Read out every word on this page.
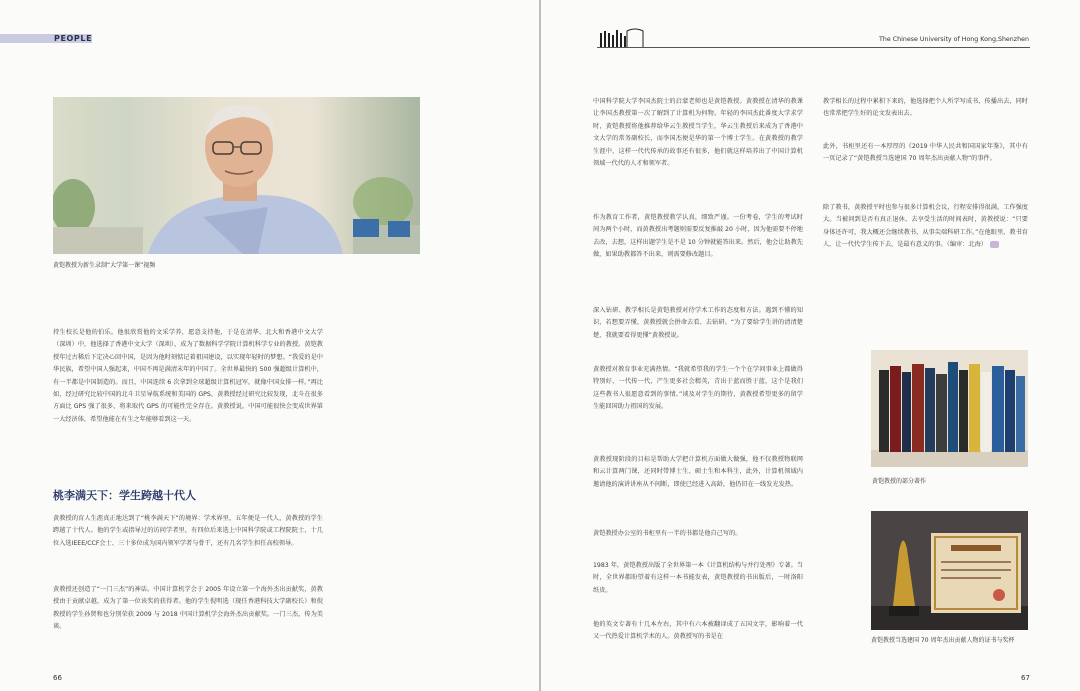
PEOPLE
黄铠教授为新生录制“大学第一课”视频

持生校长是他的伯乐。他很欣赏他的文采学养，愿意支持他，于是在清华、北大和香港中文大学（深圳）中，他选择了香港中文大学（深圳），成为了数据科学学院计算机科学专业的教授。黄铠教授年过古稀后下定决心回中国，是因为他时刻惦记着祖国建设，以实现年轻时的梦想。“我爱的是中华民族，希望中国人强起来，中国不再是满清末年的中国了。全世界最快的 500 强超级计算机中，有一半都是中国制造的。而且，中国连续 6 次拿到全球超级计算机冠军，就像中国女排一样。”再比如，经过研究比较中国的北斗卫星导航系统和美国的 GPS，黄教授经过研究比较发现，北斗在很多方面比 GPS 强了很多，将来取代 GPS 的可能性完全存在。黄教授说，中国可能很快会变成世界第一大经济体，希望他能在有生之年能够看到这一天。

桃李满天下：学生跨越十代人

黄教授的育人生涯真正地达到了“桃李满天下”的境界：学术界里，五年便是一代人，黄教授的学生跨越了十代人。他的学生或指导过的访问学者里，有四位后来选上中国科学院或工程院院士、十几位入选IEEE/CCF会士、三十多位成为国内领军学者与骨干，还有几名学生担任高校领导。

黄教授还创造了“一门三杰”的神话。中国计算机学会于 2005 年设立第一个海外杰出贡献奖，黄教授由于贡献卓越，成为了第一位该奖的获得者。他的学生倪明选（现任香港科技大学副校长）和倪教授的学生孙贤和也分别荣获 2009 与 2018 中国计算机学会海外杰出贡献奖。一门三杰，传为美谈。

66
The Chinese University of Hong Kong,Shenzhen

中国科学院大学李国杰院士的启蒙老师也是黄铠教授。黄教授在清华的教课让李国杰教授第一次了解到了计算机为何物。年轻的李国杰此番度大学求学时，黄铠教授将他推荐给华云生教授当学生，华云生教授后来成为了香港中文大学的常务副校长，而李国杰便是华的第一个博士学生。在黄教授的教学生涯中，这样一代代传承的故事还有很多，他们就这样培养出了中国计算机领域一代代的人才和领军者。

作为教育工作者，黄铠教授教学认真，细致严谨。一份考卷，学生的考试时间为两个小时，而黄教授出考题则需要反复推敲 20 小时，因为他需要不停地去改，去想，这样出题学生是不是 10 分钟就能答出来。然后，他会让助教先做，如果助教都答不出来，则需要修改题目。

深入钻研、教学相长是黄铠教授对待学术工作的态度和方法。遇到不懂的知识，若想要弄懂，黄教授就会拼命去看、去钻研。“为了要给学生讲的清清楚楚，我就要看得更懂”黄教授说。

黄教授对教育事业充满热情。“我就希望我的学生一个个在学问事业上都做得特别好，一代传一代，产生更多社会精英，青出于蓝而胜于蓝，这个是我们这些教书人很愿意看到的事情。”谈及对学生的期待，黄教授希望更多的留学生能回国助力祖国的发展。

黄教授现阶段的目标是帮助大学把计算机方面做大做强，他不仅教授物联网和云计算两门课，还同时带博士生、硕士生和本科生，此外，计算机领域内邀请他的演讲讲座从不间断，即使已经进入高龄，他仍旧在一线发光发热。

黄铠教授办公室的书柜里有一半的书都是他自己写的。

1983 年，黄铠教授出版了全世界第一本《计算机结构与并行处理》专著。当时，全世界都盼望着有这样一本书能发表，黄铠教授的书出版后，一时洛阳纸贵。

他的英文专著有十几本左右，其中有六本被翻译成了五国文字，影响着一代又一代热爱计算机学术的人。黄教授写的书是在

教学相长的过程中累积下来的，他选择把个人所学写成书，传播出去，同时也常常把学生好的论文发表出去。

此外，书柜里还有一本厚厚的《2019 中华人民共和国国家年鉴》，其中有一页记录了“黄铠教授当选建国 70 周年杰出贡献人物”的事件。

除了教书，黄教授平时也参与很多计算机会议，行程安排得很满，工作强度大。当被问到是否有真正退休、去享受生活的时间表时，黄教授说：“只要身体还许可，我大概还会继续教书，从事尖端科研工作。”在他眼里，教书育人，让一代代学生传下去，是最有意义的事。（编审：北海）

黄铠教授的部分著作
黄铠教授当选建国 70 周年杰出贡献人物的证书与奖杯
67
